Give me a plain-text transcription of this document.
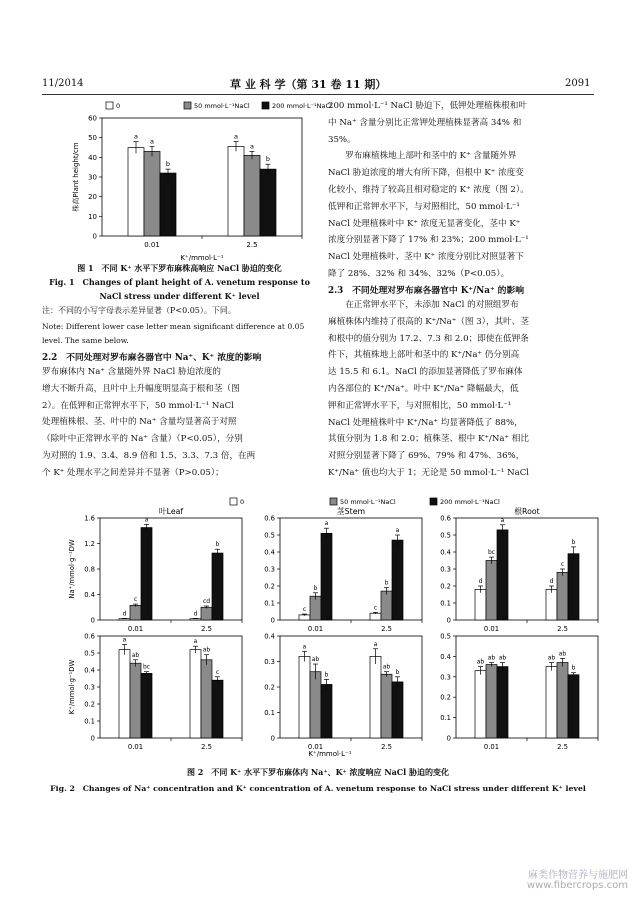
11/2014	草 业 科 学（第 31 卷 11 期）	2091
0	50 mmol·L⁻¹NaCl	200 mmol·L⁻¹NaCl
0
10
20
30
40
50
60
0.01
a
a
b
2.5
a
a
b
株高Plant height/cm
K⁺/mmol·L⁻¹
图 1　不同 K⁺ 水平下罗布麻株高响应 NaCl 胁迫的变化
Fig. 1　Changes of plant height of A. venetum response to
NaCl stress under different K⁺ level
注：不同的小写字母表示差异显著（P<0.05）。下同。
Note: Different lower case letter mean significant difference at 0.05
level. The same below.
2.2　不同处理对罗布麻各器官中 Na⁺、K⁺ 浓度的影响
罗布麻体内 Na⁺ 含量随外界 NaCl 胁迫浓度的
增大不断升高，且叶中上升幅度明显高于根和茎（图
2）。在低钾和正常钾水平下，50 mmol·L⁻¹ NaCl
处理植株根、茎、叶中的 Na⁺ 含量均显著高于对照
（除叶中正常钾水平的 Na⁺ 含量）（P<0.05），分别
为对照的 1.9、3.4、8.9 倍和 1.5、3.3、7.3 倍，在两
个 K⁺ 处理水平之间差异并不显著（P>0.05）；
200 mmol·L⁻¹ NaCl 胁迫下，低钾处理植株根和叶
中 Na⁺ 含量分别比正常钾处理植株显著高 34% 和
35%。
　　罗布麻植株地上部叶和茎中的 K⁺ 含量随外界
NaCl 胁迫浓度的增大有所下降，但根中 K⁺ 浓度变
化较小，维持了较高且相对稳定的 K⁺ 浓度（图 2）。
低钾和正常钾水平下，与对照相比，50 mmol·L⁻¹
NaCl 处理植株叶中 K⁺ 浓度无显著变化，茎中 K⁺
浓度分别显著下降了 17% 和 23%；200 mmol·L⁻¹
NaCl 处理植株叶、茎中 K⁺ 浓度分别比对照显著下
降了 28%、32% 和 34%、32%（P<0.05）。
2.3　不同处理对罗布麻各器官中 K⁺/Na⁺ 的影响
　　在正常钾水平下，未添加 NaCl 的对照组罗布
麻植株体内维持了很高的 K⁺/Na⁺（图 3），其叶、茎
和根中的值分别为 17.2、7.3 和 2.0；即使在低钾条
件下，其植株地上部叶和茎中的 K⁺/Na⁺ 仍分别高
达 15.5 和 6.1。NaCl 的添加显著降低了罗布麻体
内各部位的 K⁺/Na⁺。叶中 K⁺/Na⁺ 降幅最大，低
钾和正常钾水平下，与对照相比，50 mmol·L⁻¹
NaCl 处理植株叶中 K⁺/Na⁺ 均显著降低了 88%，
其值分别为 1.8 和 2.0；植株茎、根中 K⁺/Na⁺ 相比
对照分别显著下降了 69%、79% 和 47%、36%，
K⁺/Na⁺ 值也均大于 1；无论是 50 mmol·L⁻¹ NaCl
0	50 mmol·L⁻¹NaCl	200 mmol·L⁻¹NaCl
0
0.4
0.8
1.2
1.6
0.01
d
c
a
2.5
d
cd
b
叶Leaf
Na⁺/mmol·g⁻¹DW
0
0.1
0.2
0.3
0.4
0.5
0.6
0.01
c
b
a
2.5
c
b
a
茎Stem
0
0.1
0.2
0.3
0.4
0.5
0.6
0.01
d
bc
a
2.5
d
c
b
根Root
0
0.1
0.2
0.3
0.4
0.5
0.6
0.01
a
ab
bc
2.5
a
ab
c
K⁺/mmol·g⁻¹DW
0
0.1
0.2
0.3
0.4
0.01
a
ab
b
2.5
a
ab
b
0
0.1
0.2
0.3
0.4
0.5
0.01
ab
ab ab
2.5
ab
ab
b
K⁺/mmol·L⁻¹
图 2　不同 K⁺ 水平下罗布麻体内 Na⁺、K⁺ 浓度响应 NaCl 胁迫的变化
Fig. 2　Changes of Na⁺ concentration and K⁺ concentration of A. venetum response to NaCl stress under different K⁺ level
麻类作物营养与施肥网
www.fibercrops.com
